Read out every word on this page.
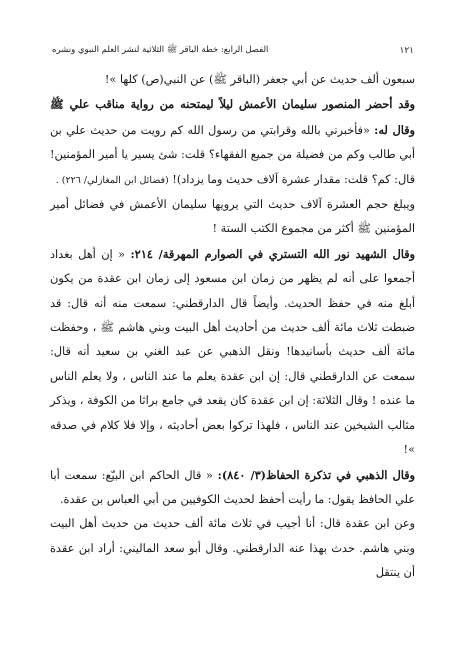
١٢١
الفصل الرابع: خطة الباقر ﷺ الثلاثية لنشر العلم النبوي ونشره

سبعون ألف حديث عن أبي جعفر (الباقر ﷺ) عن النبي(ص) كلها »!

وقد أحضر المنصور سليمان الأعمش ليلاً ليمتحنه من رواية مناقب علي ﷺ وقال له: «فأخبرني بالله وقرابتي من رسول الله كم رويت من حديث علي بن أبي طالب وكم من فضيلة من جميع الفقهاء؟ قلت: شئ يسير يا أمير المؤمنين! قال: كم؟ قلت: مقدار عشرة آلاف حديث وما يزداد)! (فضائل ابن المغازلي/ ٢٢٦) .

ويبلغ حجم العشرة آلاف حديث التي يرويها سليمان الأعمش في فضائل أمير المؤمنين ﷺ أكثر من مجموع الكتب الستة !

وقال الشهيد نور الله التستري في الصوارم المهرقة/ ٢١٤: « إن أهل بغداد أجمعوا على أنه لم يظهر من زمان ابن مسعود إلى زمان ابن عقدة من يكون أبلغ منه في حفظ الحديث. وأيضاً قال الدارقطني: سمعت منه أنه قال: قد ضبطت ثلاث مائة ألف حديث من أحاديث أهل البيت وبني هاشم ﷺ ، وحفظت مائة ألف حديث بأسانيدها! ونقل الذهبي عن عبد الغني بن سعيد أنه قال: سمعت عن الدارقطني قال: إن ابن عقدة يعلم ما عند الناس ، ولا يعلم الناس ما عنده ! وقال الثلاثة: إن ابن عقدة كان يقعد في جامع براثا من الكوفة ، ويذكر مثالب الشيخين عند الناس ، فلهذا تركوا بعض أحاديثه ، وإلا فلا كلام في صدقه »!

وقال الذهبي في تذكرة الحفاظ(٣/ ٨٤٠): « قال الحاكم ابن البيّع: سمعت أبا علي الحافظ يقول: ما رأيت أحفظ لحديث الكوفيين من أبي العباس بن عقدة.

وعن ابن عقدة قال: أنا أجيب في ثلاث مائة ألف حديث من حديث أهل البيت وبني هاشم. حدث بهذا عنه الدارقطني. وقال أبو سعد الماليني: أراد ابن عقدة أن ينتقل
